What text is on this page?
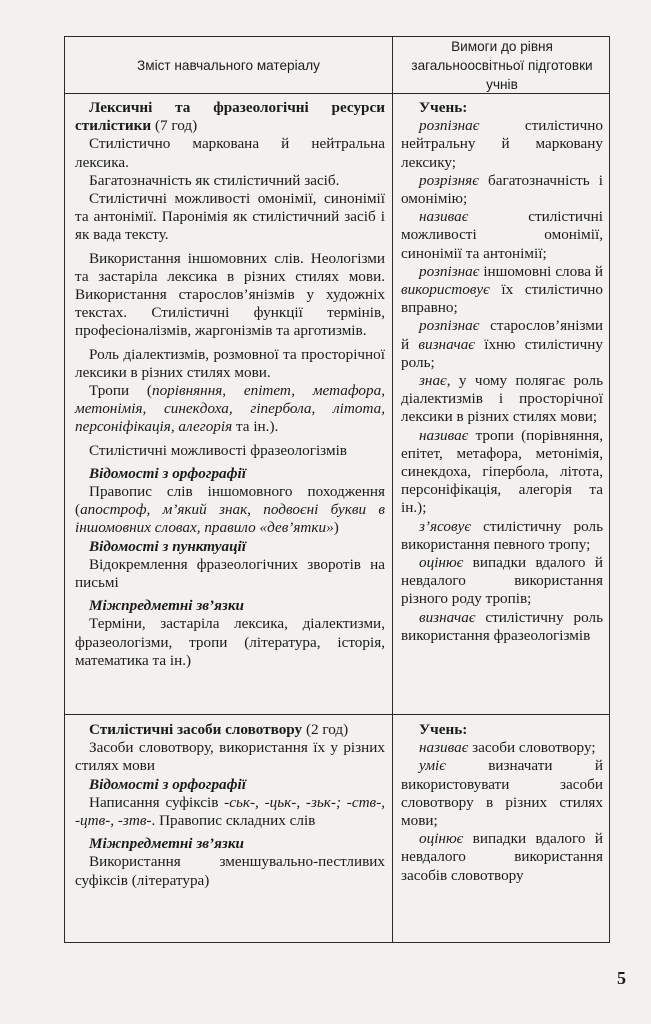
Зміст навчального матеріалу
Вимоги до рівня загальноосвітньої підготовки учнів

Лексичні та фразеологічні ресурси стилістики (7 год)

Стилістично маркована й нейтральна лексика.

Багатозначність як стилістичний засіб.

Стилістичні можливості омонімії, синонімії та антонімії. Паронімія як стилістичний засіб і як вада тексту.

Використання іншомовних слів. Неологізми та застаріла лексика в різних стилях мови. Використання старослов’янізмів у художніх текстах. Стилістичні функції термінів, професіоналізмів, жаргонізмів та арготизмів.

Роль діалектизмів, розмовної та просторічної лексики в різних стилях мови.

Тропи (порівняння, епітет, метафора, метонімія, синекдоха, гіпербола, літота, персоніфікація, алегорія та ін.).

Стилістичні можливості фразеологізмів

Відомості з орфографії

Правопис слів іншомовного походження (апостроф, м’який знак, подвоєні букви в іншомовних словах, правило «дев’ятки»)

Відомості з пунктуації

Відокремлення фразеологічних зворотів на письмі

Міжпредметні зв’язки

Терміни, застаріла лексика, діалектизми, фразеологізми, тропи (література, історія, математика та ін.)

Учень:

розпізнає стилістично нейтральну й марковану лексику;

розрізняє багатозначність і омонімію;

називає стилістичні можливості омонімії, синонімії та антонімії;

розпізнає іншомовні слова й використовує їх стилістично вправно;

розпізнає старослов’янізми й визначає їхню стилістичну роль;

знає, у чому полягає роль діалектизмів і просторічної лексики в різних стилях мови;

називає тропи (порівняння, епітет, метафора, метонімія, синекдоха, гіпербола, літота, персоніфікація, алегорія та ін.);

з’ясовує стилістичну роль використання певного тропу;

оцінює випадки вдалого й невдалого використання різного роду тропів;

визначає стилістичну роль використання фразеологізмів

Стилістичні засоби словотвору (2 год)

Засоби словотвору, використання їх у різних стилях мови

Відомості з орфографії

Написання суфіксів -ськ-, -цьк-, -зьк-; -ств-, -цтв-, -зтв-. Правопис складних слів

Міжпредметні зв’язки

Використання зменшувально-пестливих суфіксів (література)

Учень:

називає засоби словотвору;

уміє визначати й використовувати засоби словотвору в різних стилях мови;

оцінює випадки вдалого й невдалого використання засобів словотвору

5
